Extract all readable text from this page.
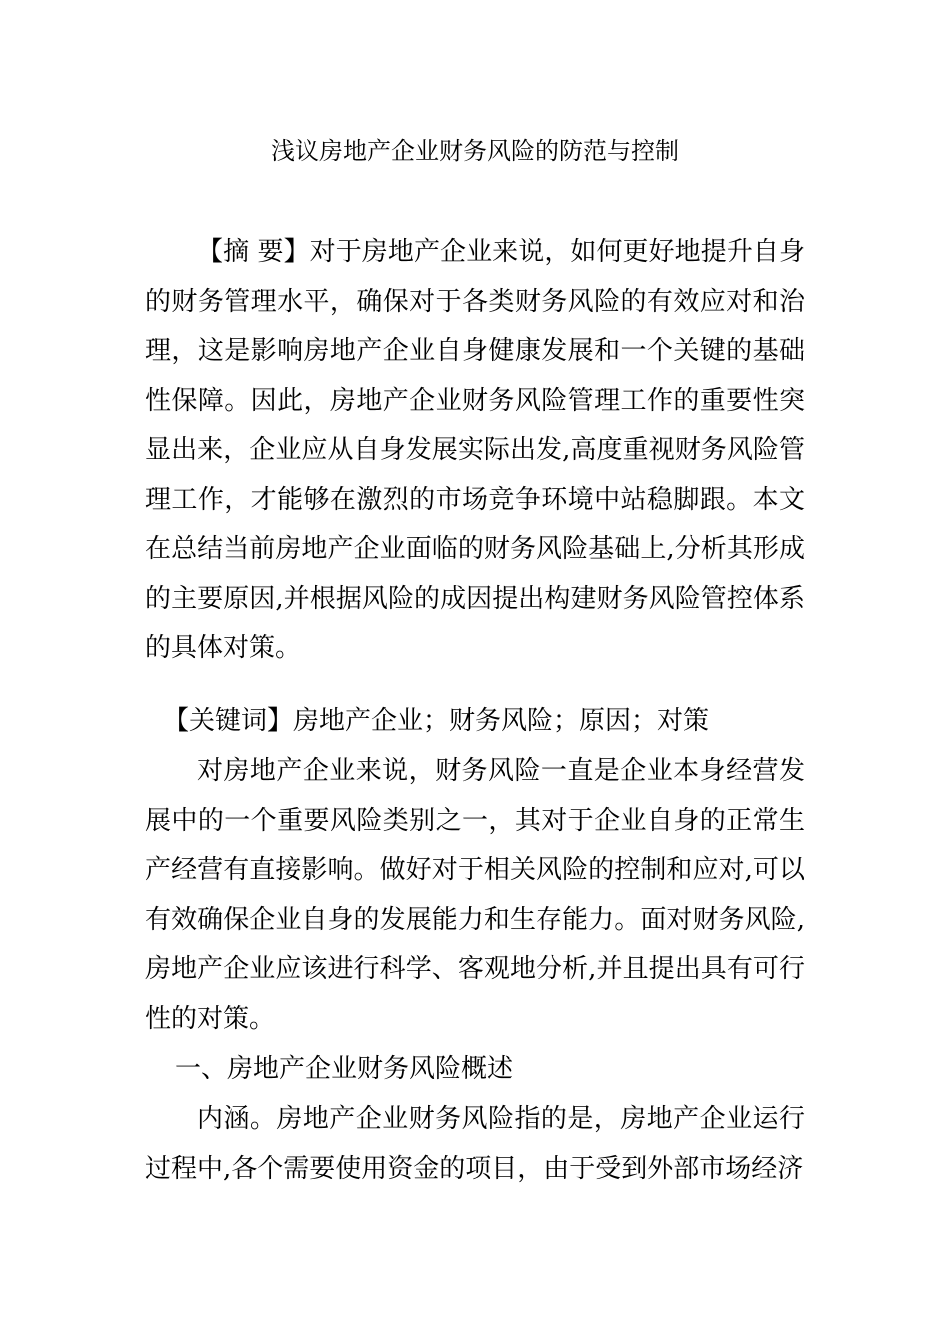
浅议房地产企业财务风险的防范与控制

【摘 要】对于房地产企业来说，如何更好地提升自身的财务管理水平，确保对于各类财务风险的有效应对和治理，这是影响房地产企业自身健康发展和一个关键的基础性保障。因此，房地产企业财务风险管理工作的重要性突显出来，企业应从自身发展实际出发,高度重视财务风险管理工作，才能够在激烈的市场竞争环境中站稳脚跟。本文在总结当前房地产企业面临的财务风险基础上,分析其形成的主要原因,并根据风险的成因提出构建财务风险管控体系的具体对策。

【关键词】房地产企业；财务风险；原因；对策

对房地产企业来说，财务风险一直是企业本身经营发展中的一个重要风险类别之一，其对于企业自身的正常生产经营有直接影响。做好对于相关风险的控制和应对,可以有效确保企业自身的发展能力和生存能力。面对财务风险,房地产企业应该进行科学、客观地分析,并且提出具有可行性的对策。

一、房地产企业财务风险概述

内涵。房地产企业财务风险指的是，房地产企业运行过程中,各个需要使用资金的项目，由于受到外部市场经济
